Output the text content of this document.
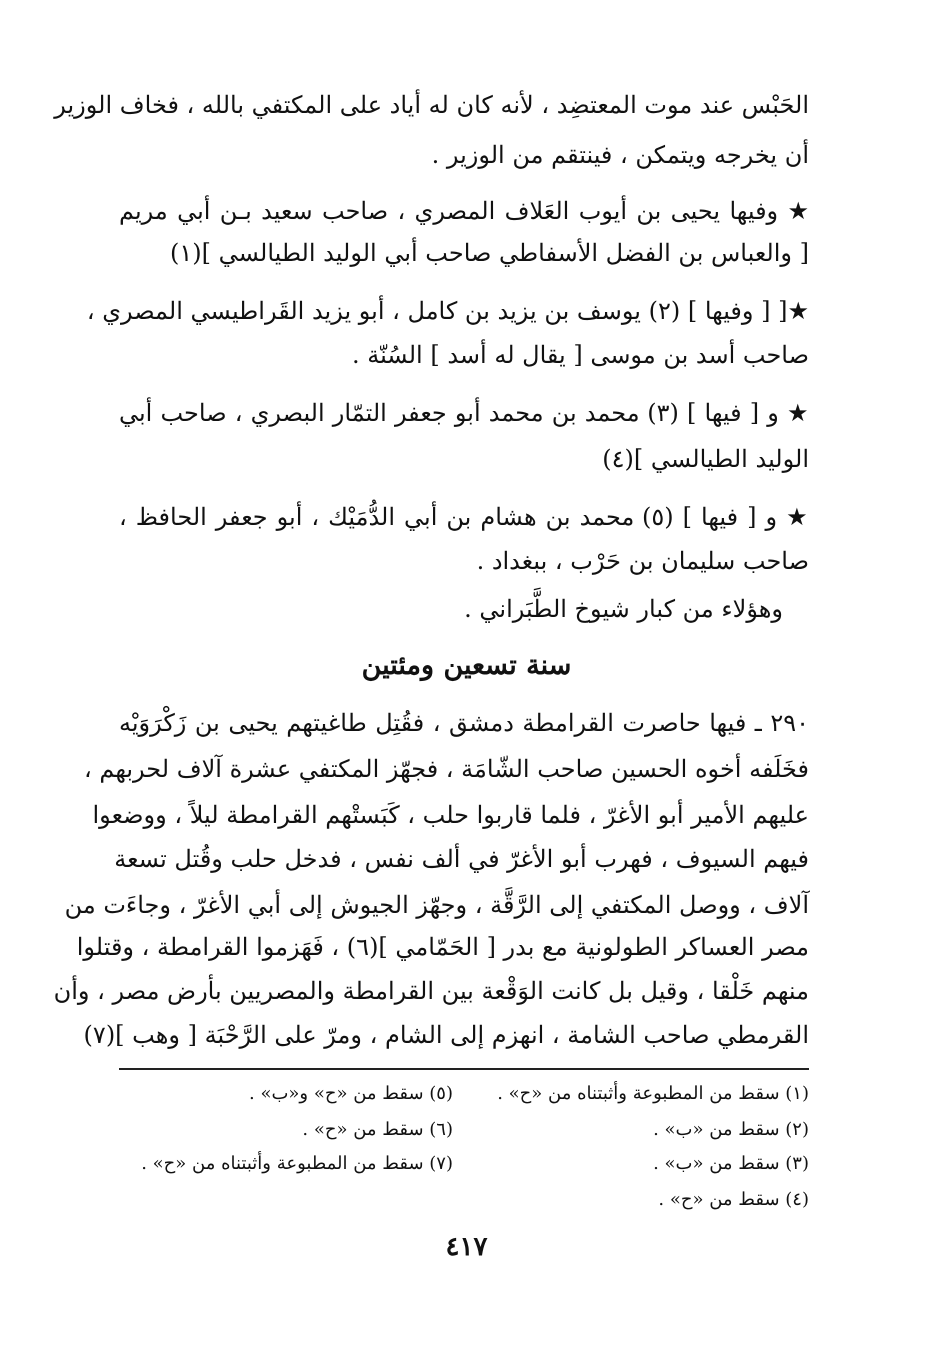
الحَبْس عند موت المعتضِد ، لأنه كان له أياد على المكتفي بالله ، فخاف الوزير
أن يخرجه ويتمكن ، فينتقم من الوزير .
★ وفيها يحيى بن أيوب العَلاف المصري ، صاحب سعيد بـن أبي مريم
[ والعباس بن الفضل الأسفاطي صاحب أبي الوليد الطيالسي ](١)
★[ [ وفيها ] (٢) يوسف بن يزيد بن كامل ، أبو يزيد القَراطيسي المصري ،
صاحب أسد بن موسى [ يقال له أسد ] السُنّة .
★ و [ فيها ] (٣) محمد بن محمد أبو جعفر التمّار البصري ، صاحب أبي
الوليد الطيالسي ](٤)
★ و [ فيها ] (٥) محمد بن هشام بن أبي الدُّمَيْك ، أبو جعفر الحافظ ،
صاحب سليمان بن حَرْب ، ببغداد .
وهؤلاء من كبار شيوخ الطَّبَراني .
سنة تسعين ومئتين
٢٩٠ ـ فيها حاصرت القرامطة دمشق ، فقُتِل طاغيتهم يحيى بن زَكْرَوَيْه
فخَلَفه أخوه الحسين صاحب الشّامَة ، فجهّز المكتفي عشرة آلاف لحربهم ،
عليهم الأمير أبو الأغرّ ، فلما قاربوا حلب ، كَبَستْهم القرامطة ليلاً ، ووضعوا
فيهم السيوف ، فهرب أبو الأغرّ في ألف نفس ، فدخل حلب وقُتل تسعة
آلاف ، ووصل المكتفي إلى الرَّقَّة ، وجهّز الجيوش إلى أبي الأغرّ ، وجاءَت من
مصر العساكر الطولونية مع بدر [ الحَمّامي ](٦) ، فَهَزموا القرامطة ، وقتلوا
منهم خَلْقا ، وقيل بل كانت الوَقْعة بين القرامطة والمصريين بأرض مصر ، وأن
القرمطي صاحب الشامة ، انهزم إلى الشام ، ومرّ على الرَّحْبَة [ وهب ](٧)
(١) سقط من المطبوعة وأثبتناه من «ح» .
(٢) سقط من «ب» .
(٣) سقط من «ب» .
(٤) سقط من «ح» .
(٥) سقط من «ح» و«ب» .
(٦) سقط من «ح» .
(٧) سقط من المطبوعة وأثبتناه من «ح» .
٤١٧
